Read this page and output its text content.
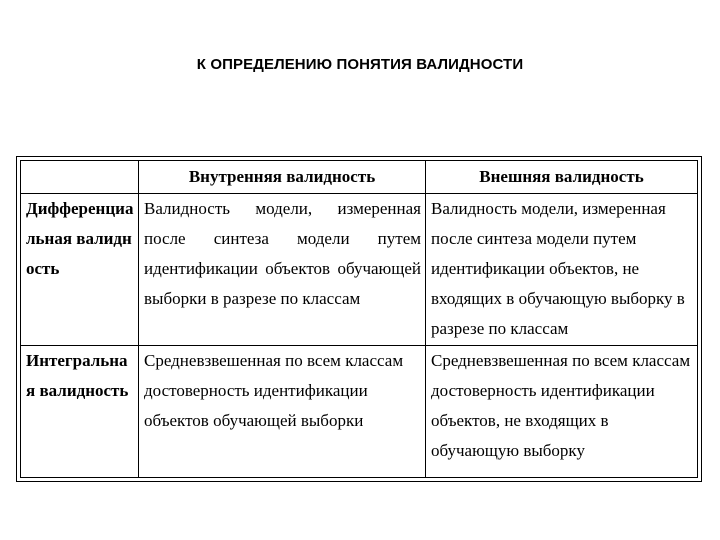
К ОПРЕДЕЛЕНИЮ ПОНЯТИЯ ВАЛИДНОСТИ
	Внутренняя валидность	Внешняя валидность
Дифференциальная валидность	Валидность модели, измеренная после синтеза модели путем идентификации объектов обучающей выборки в разрезе по классам	Валидность модели, измеренная после синтеза модели путем идентификации объектов, не входящих в обучающую выборку в разрезе по классам
Интегральная валидность	Средневзвешенная по всем классам достоверность идентификации объектов обучающей выборки	Средневзвешенная по всем классам достоверность идентификации объектов, не входящих в обучающую выборку
